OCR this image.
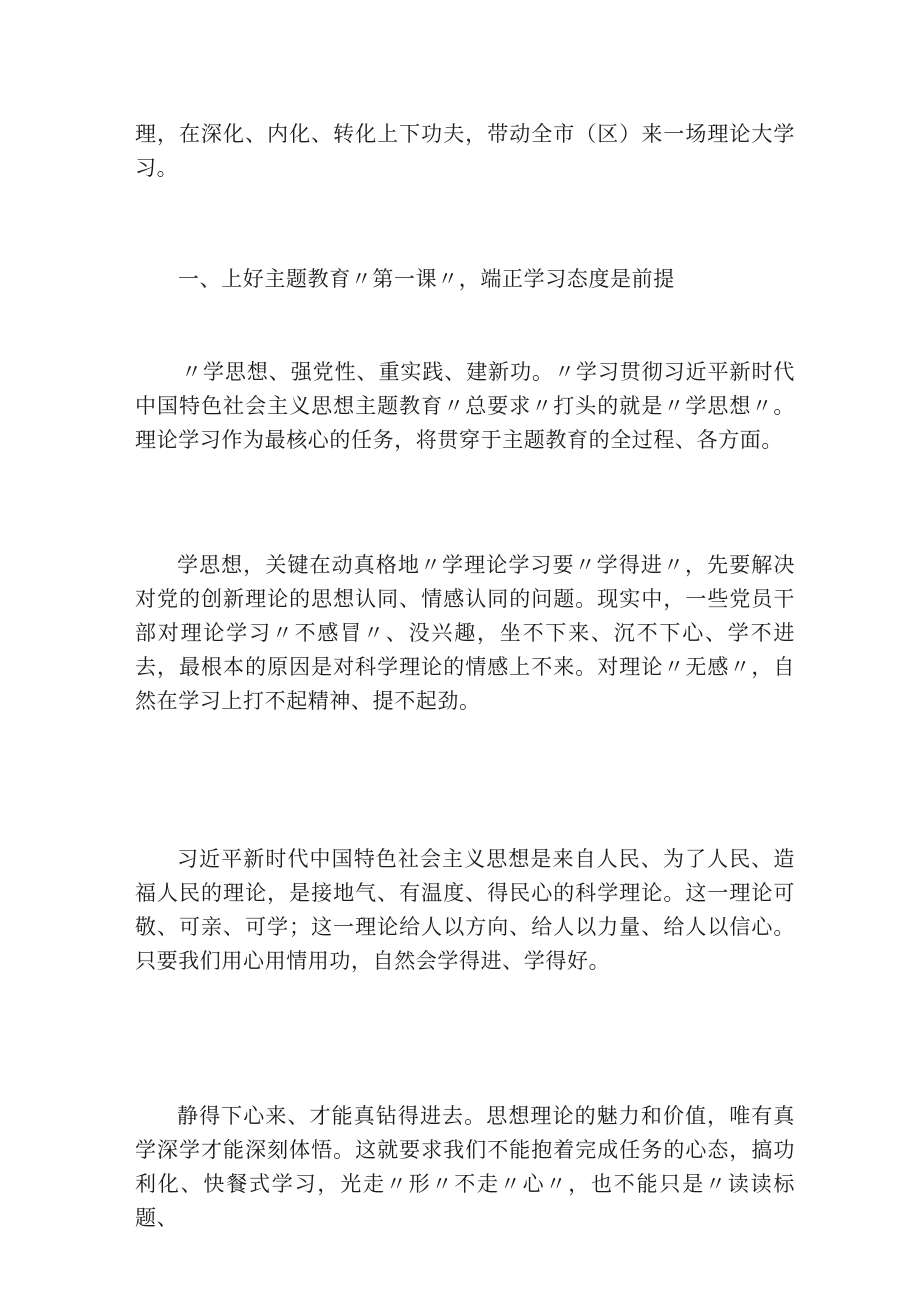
理，在深化、内化、转化上下功夫，带动全市（区）来一场理论大学习。

一、上好主题教育〃第一课〃，端正学习态度是前提

〃学思想、强党性、重实践、建新功。〃学习贯彻习近平新时代中国特色社会主义思想主题教育〃总要求〃打头的就是〃学思想〃。理论学习作为最核心的任务，将贯穿于主题教育的全过程、各方面。

学思想，关键在动真格地〃学理论学习要〃学得进〃，先要解决对党的创新理论的思想认同、情感认同的问题。现实中，一些党员干部对理论学习〃不感冒〃、没兴趣，坐不下来、沉不下心、学不进去，最根本的原因是对科学理论的情感上不来。对理论〃无感〃，自然在学习上打不起精神、提不起劲。

习近平新时代中国特色社会主义思想是来自人民、为了人民、造福人民的理论，是接地气、有温度、得民心的科学理论。这一理论可敬、可亲、可学；这一理论给人以方向、给人以力量、给人以信心。只要我们用心用情用功，自然会学得进、学得好。

静得下心来、才能真钻得进去。思想理论的魅力和价值，唯有真学深学才能深刻体悟。这就要求我们不能抱着完成任务的心态，搞功利化、快餐式学习，光走〃形〃不走〃心〃，也不能只是〃读读标题、
